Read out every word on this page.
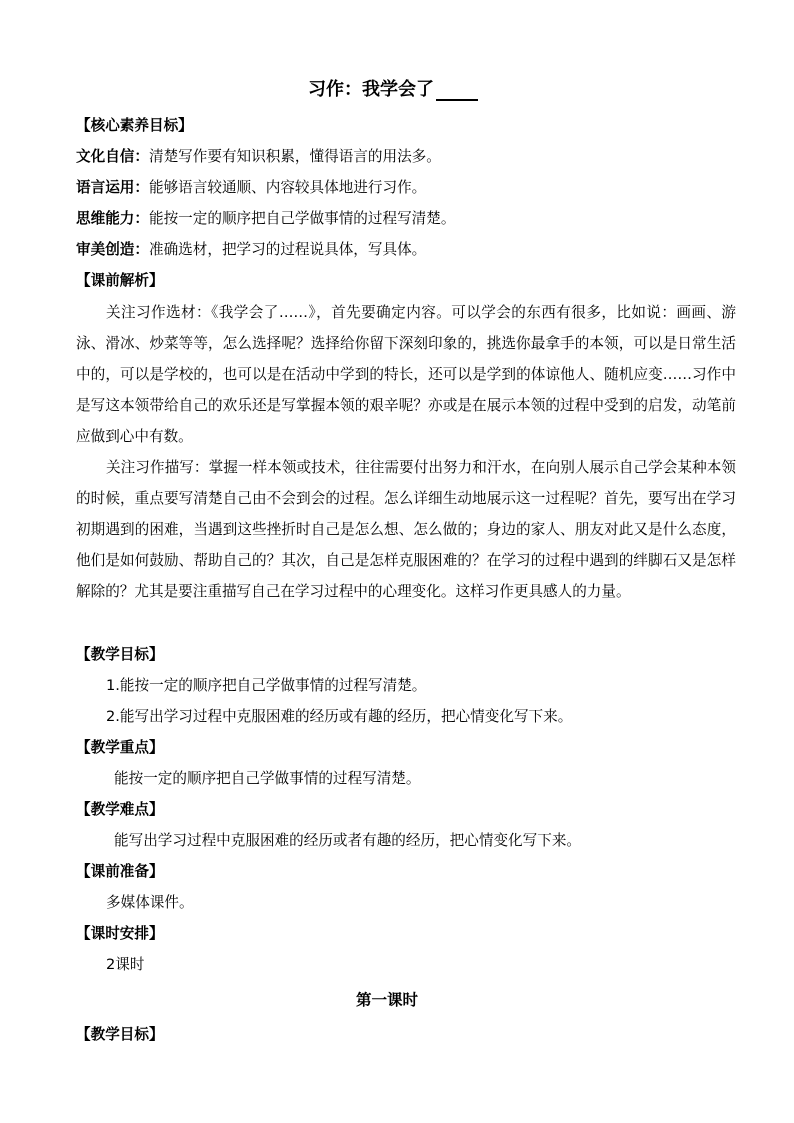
习作：我学会了
【核心素养目标】
文化自信：清楚写作要有知识积累，懂得语言的用法多。
语言运用：能够语言较通顺、内容较具体地进行习作。
思维能力：能按一定的顺序把自己学做事情的过程写清楚。
审美创造：准确选材，把学习的过程说具体，写具体。
【课前解析】
关注习作选材：《我学会了……》，首先要确定内容。可以学会的东西有很多，比如说：画画、游泳、滑冰、炒菜等等，怎么选择呢？选择给你留下深刻印象的，挑选你最拿手的本领，可以是日常生活中的，可以是学校的，也可以是在活动中学到的特长，还可以是学到的体谅他人、随机应变……习作中是写这本领带给自己的欢乐还是写掌握本领的艰辛呢？亦或是在展示本领的过程中受到的启发，动笔前应做到心中有数。
关注习作描写：掌握一样本领或技术，往往需要付出努力和汗水，在向别人展示自己学会某种本领的时候，重点要写清楚自己由不会到会的过程。怎么详细生动地展示这一过程呢？首先，要写出在学习初期遇到的困难，当遇到这些挫折时自己是怎么想、怎么做的；身边的家人、朋友对此又是什么态度，他们是如何鼓励、帮助自己的？其次，自己是怎样克服困难的？在学习的过程中遇到的绊脚石又是怎样解除的？尤其是要注重描写自己在学习过程中的心理变化。这样习作更具感人的力量。
【教学目标】
1.能按一定的顺序把自己学做事情的过程写清楚。
2.能写出学习过程中克服困难的经历或有趣的经历，把心情变化写下来。
【教学重点】
能按一定的顺序把自己学做事情的过程写清楚。
【教学难点】
能写出学习过程中克服困难的经历或者有趣的经历，把心情变化写下来。
【课前准备】
多媒体课件。
【课时安排】
2课时
第一课时
【教学目标】
